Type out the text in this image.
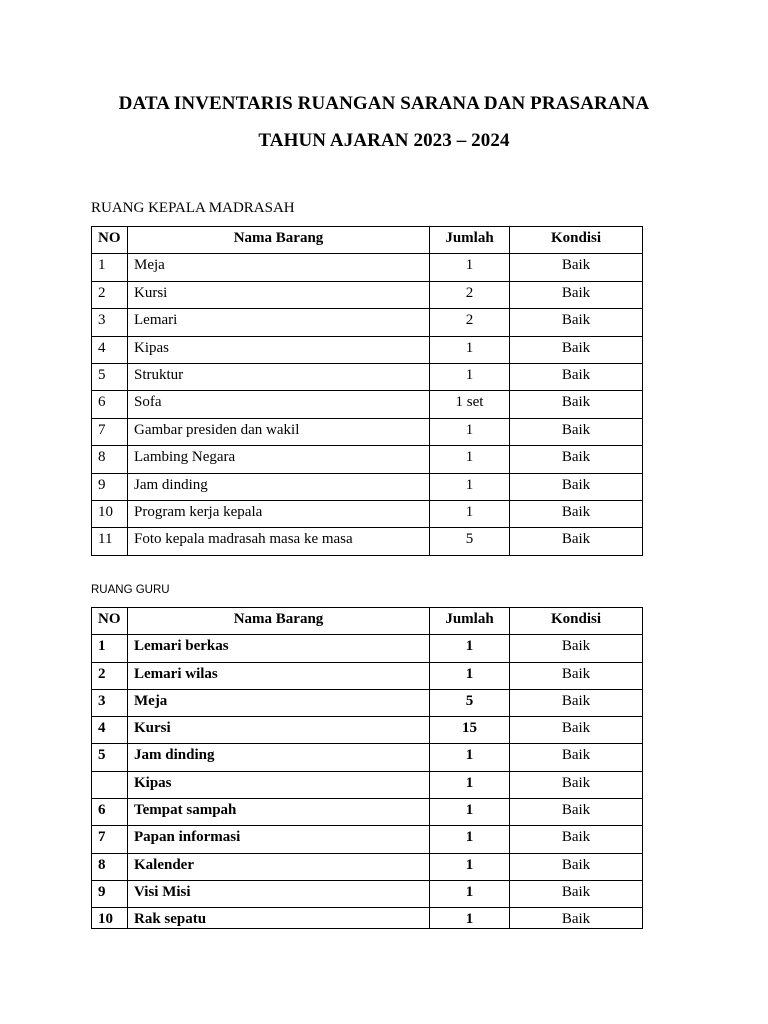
DATA INVENTARIS RUANGAN SARANA DAN PRASARANA
TAHUN AJARAN 2023 – 2024
RUANG KEPALA MADRASAH
NO	Nama Barang	Jumlah	Kondisi
1	Meja	1	Baik
2	Kursi	2	Baik
3	Lemari	2	Baik
4	Kipas	1	Baik
5	Struktur	1	Baik
6	Sofa	1 set	Baik
7	Gambar presiden dan wakil	1	Baik
8	Lambing Negara	1	Baik
9	Jam dinding	1	Baik
10	Program kerja kepala	1	Baik
11	Foto kepala madrasah masa ke masa	5	Baik
RUANG GURU
NO	Nama Barang	Jumlah	Kondisi
1	Lemari berkas	1	Baik
2	Lemari wilas	1	Baik
3	Meja	5	Baik
4	Kursi	15	Baik
5	Jam dinding	1	Baik
	Kipas	1	Baik
6	Tempat sampah	1	Baik
7	Papan informasi	1	Baik
8	Kalender	1	Baik
9	Visi Misi	1	Baik
10	Rak sepatu	1	Baik
